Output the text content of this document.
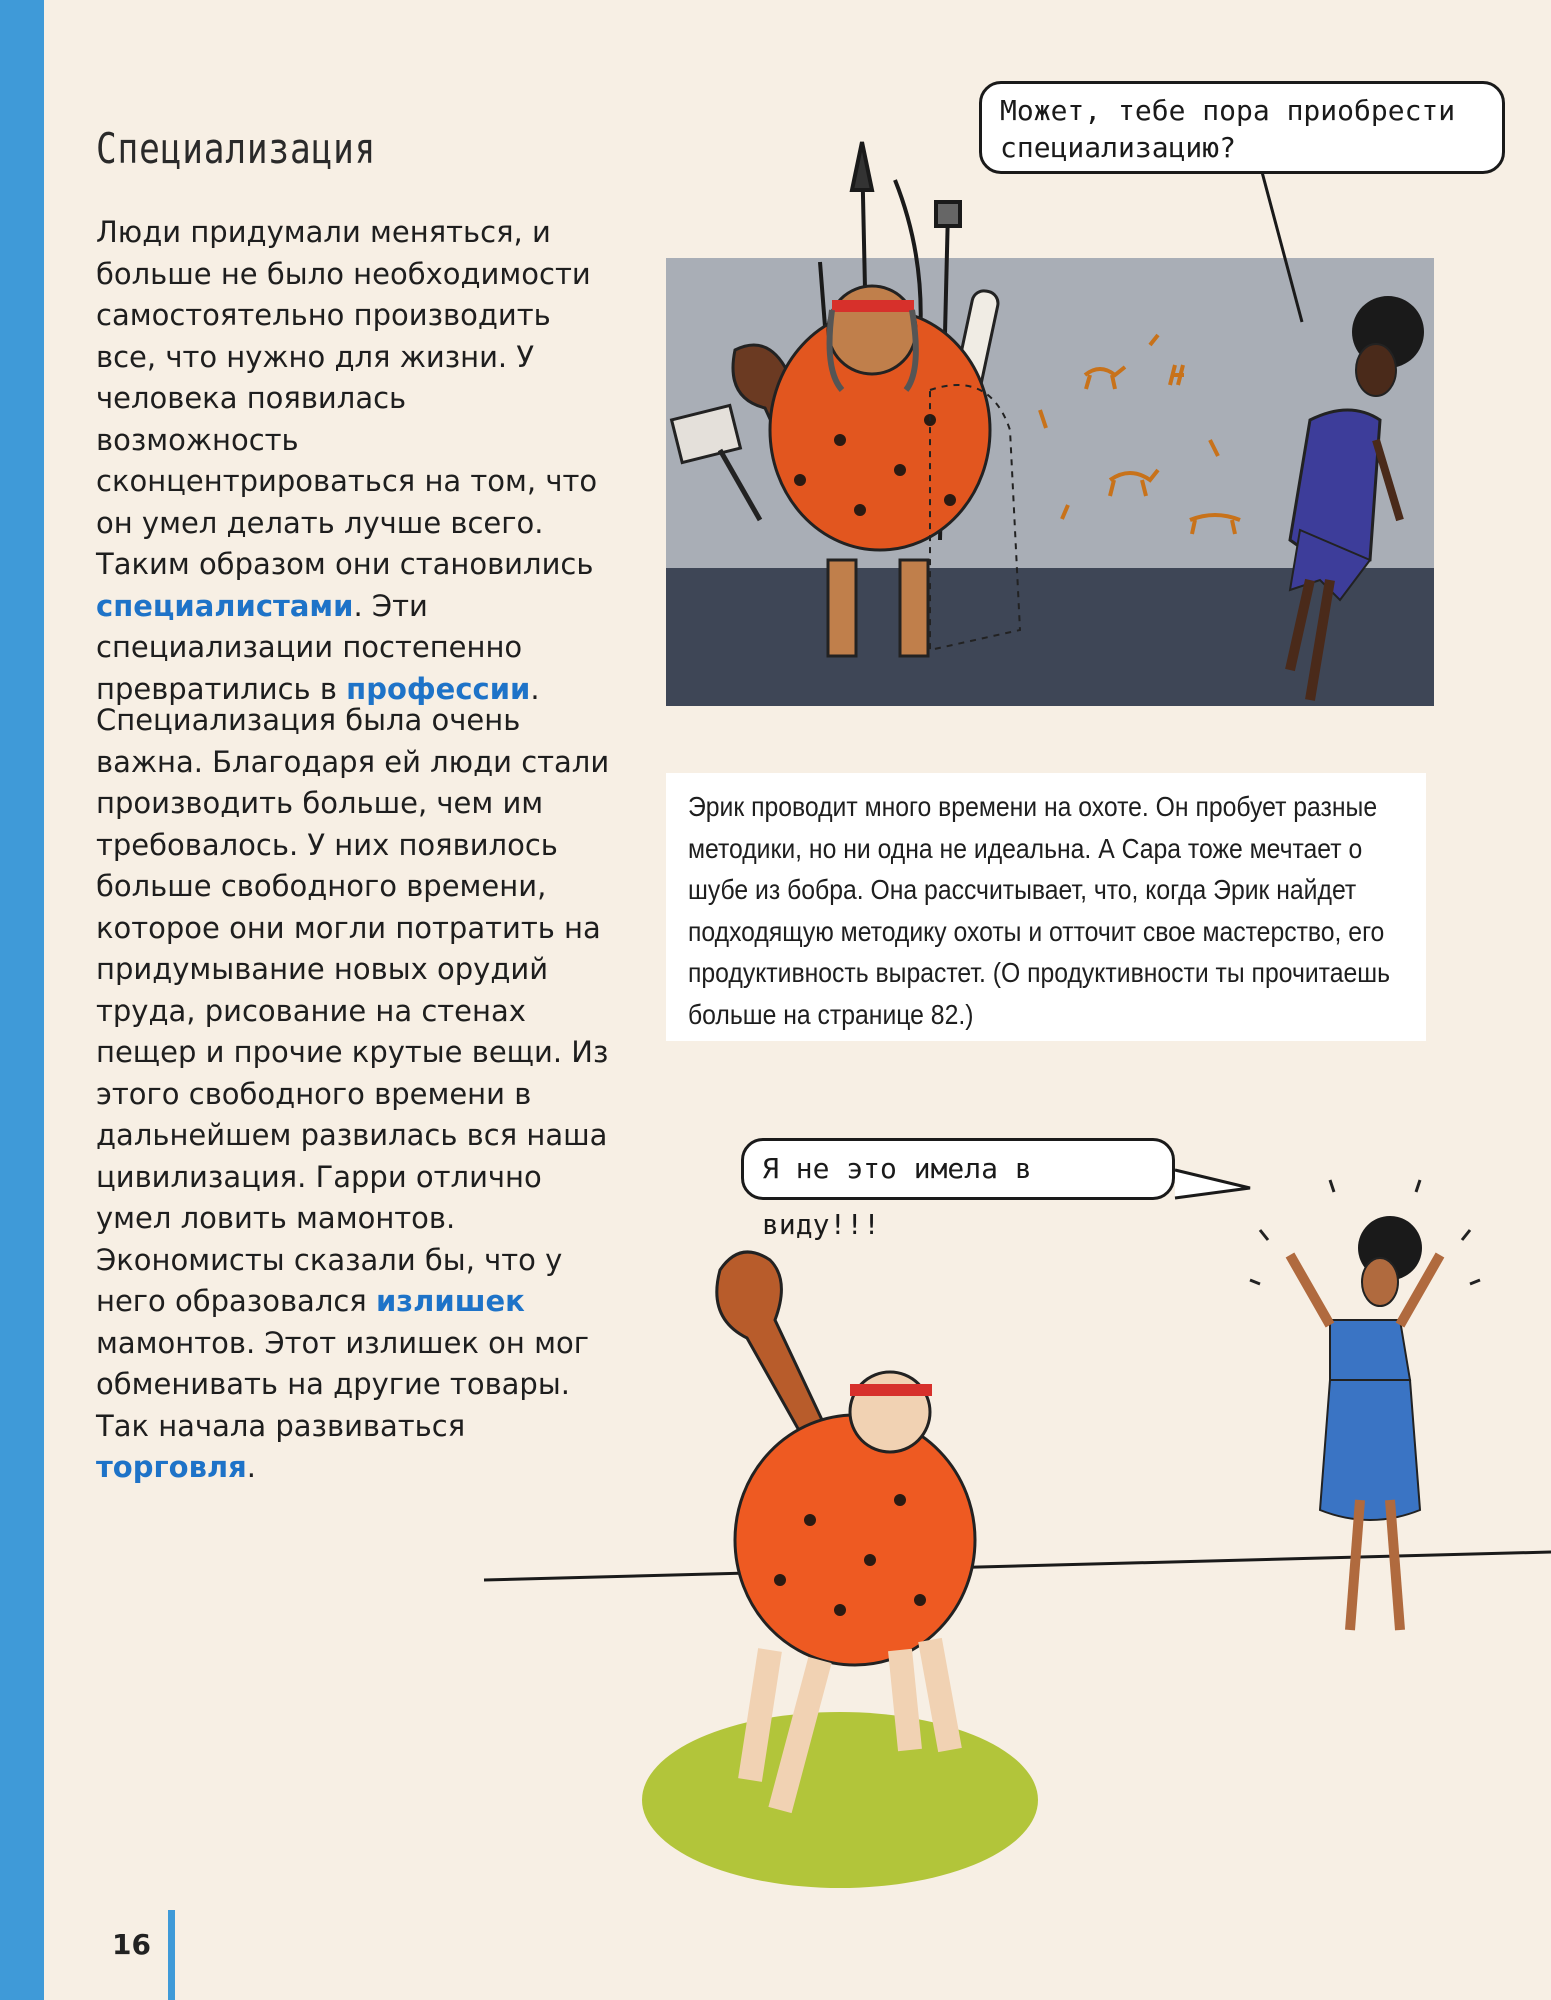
Специализация

Люди придумали меняться, и больше не было необходимости самостоятельно производить все, что нужно для жизни. У человека появилась возможность сконцентрироваться на том, что он умел делать лучше всего. Таким образом они становились специалистами. Эти специализации постепенно превратились в профессии.

Специализация была очень важна. Благодаря ей люди стали производить больше, чем им требовалось. У них появилось больше свободного времени, которое они могли потратить на придумывание новых орудий труда, рисование на стенах пещер и прочие крутые вещи. Из этого свободного времени в дальнейшем развилась вся наша цивилизация. Гарри отлично умел ловить мамонтов. Экономисты сказали бы, что у него образовался излишек мамонтов. Этот излишек он мог обменивать на другие товары. Так начала развиваться торговля.

Эрик проводит много времени на охоте. Он пробует разные методики, но ни одна не идеальна. А Сара тоже мечтает о шубе из бобра. Она рассчитывает, что, когда Эрик найдет подходящую методику охоты и отточит свое мастерство, его продуктивность вырастет. (О продуктивности ты прочитаешь больше на странице 82.)

Может, тебе пора приобрести
специализацию?
Я не это имела в виду!!!
16
